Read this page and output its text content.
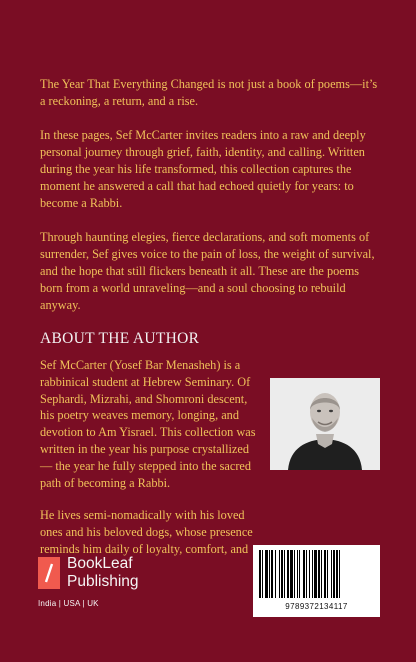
The Year That Everything Changed is not just a book of poems—it’s a reckoning, a return, and a rise.

In these pages, Sef McCarter invites readers into a raw and deeply personal journey through grief, faith, identity, and calling. Written during the year his life transformed, this collection captures the moment he answered a call that had echoed quietly for years: to become a Rabbi.

Through haunting elegies, fierce declarations, and soft moments of surrender, Sef gives voice to the pain of loss, the weight of survival, and the hope that still flickers beneath it all. These are the poems born from a world unraveling—and a soul choosing to rebuild anyway.

ABOUT THE AUTHOR

Sef McCarter (Yosef Bar Menasheh) is a rabbinical student at Hebrew Seminary. Of Sephardi, Mizrahi, and Shomroni descent, his poetry weaves memory, longing, and devotion to Am Yisrael. This collection was written in the year his purpose crystallized — the year he fully stepped into the sacred path of becoming a Rabbi.

He lives semi-nomadically with his loved ones and his beloved dogs, whose presence reminds him daily of loyalty, comfort, and

BookLeaf
Publishing
India | USA | UK	9789372134117
